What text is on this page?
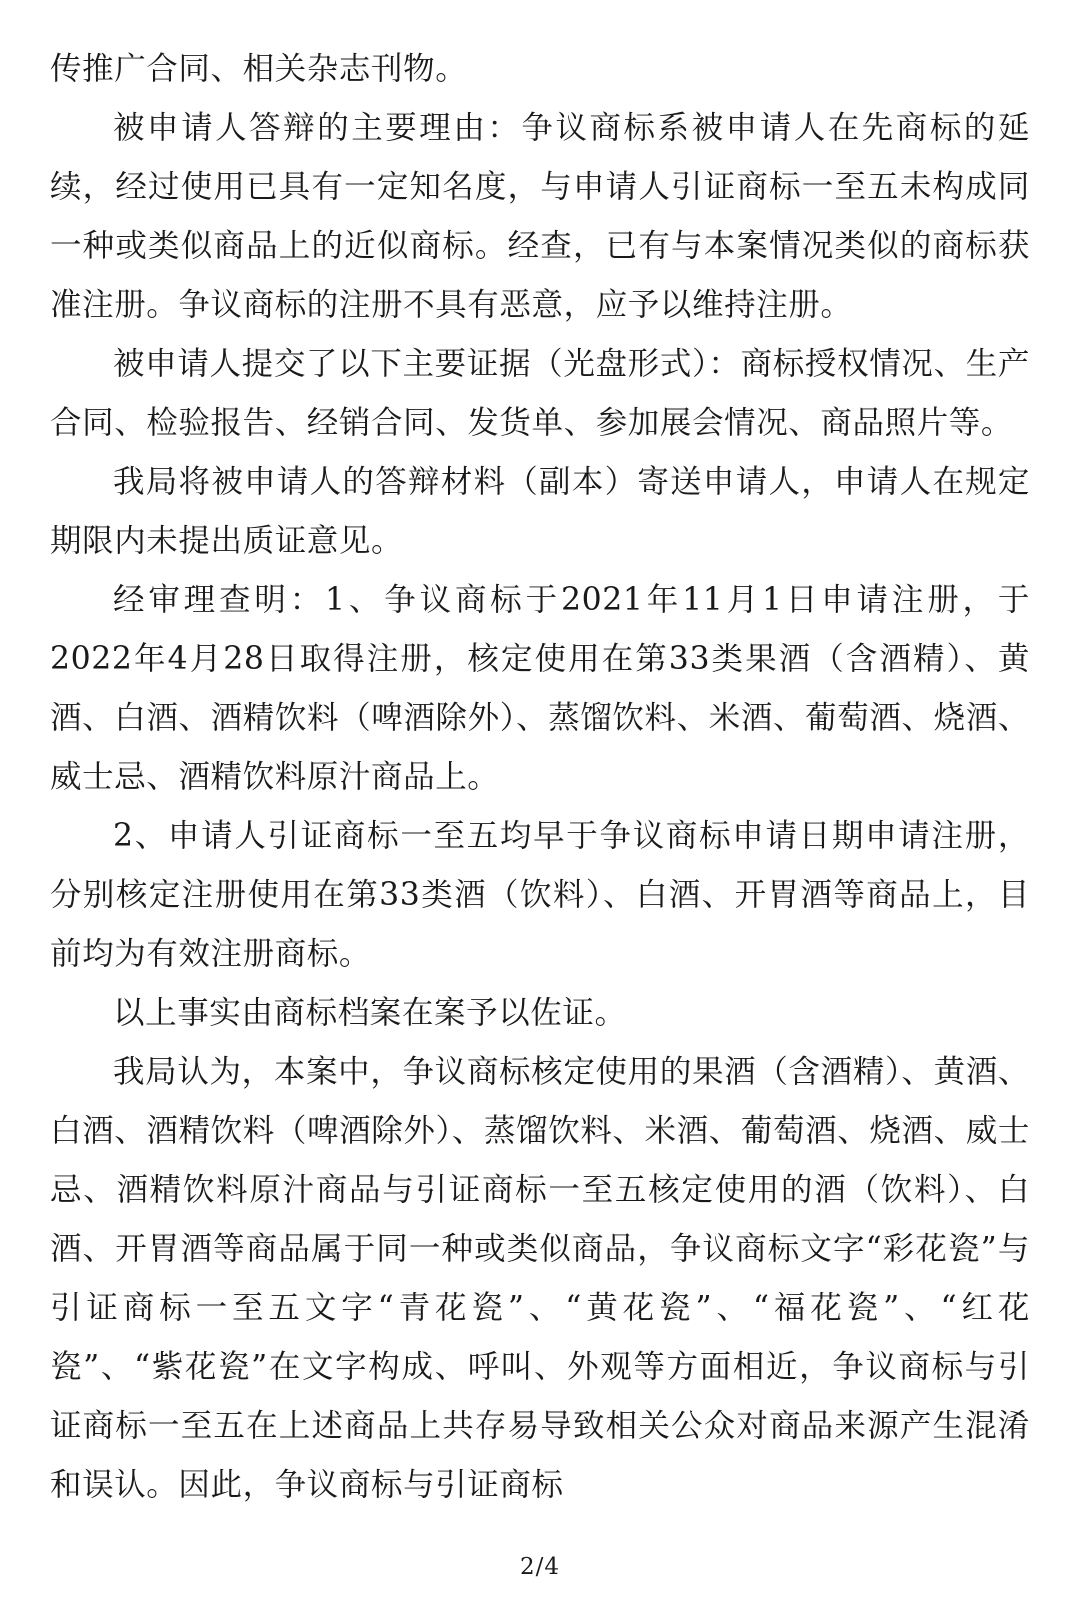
传推广合同、相关杂志刊物。

被申请人答辩的主要理由：争议商标系被申请人在先商标的延续，经过使用已具有一定知名度，与申请人引证商标一至五未构成同一种或类似商品上的近似商标。经查，已有与本案情况类似的商标获准注册。争议商标的注册不具有恶意，应予以维持注册。

被申请人提交了以下主要证据（光盘形式）：商标授权情况、生产合同、检验报告、经销合同、发货单、参加展会情况、商品照片等。

我局将被申请人的答辩材料（副本）寄送申请人，申请人在规定期限内未提出质证意见。

经审理查明：1、争议商标于2021年11月1日申请注册，于2022年4月28日取得注册，核定使用在第33类果酒（含酒精）、黄酒、白酒、酒精饮料（啤酒除外）、蒸馏饮料、米酒、葡萄酒、烧酒、威士忌、酒精饮料原汁商品上。

2、申请人引证商标一至五均早于争议商标申请日期申请注册，分别核定注册使用在第33类酒（饮料）、白酒、开胃酒等商品上，目前均为有效注册商标。

以上事实由商标档案在案予以佐证。

我局认为，本案中，争议商标核定使用的果酒（含酒精）、黄酒、白酒、酒精饮料（啤酒除外）、蒸馏饮料、米酒、葡萄酒、烧酒、威士忌、酒精饮料原汁商品与引证商标一至五核定使用的酒（饮料）、白酒、开胃酒等商品属于同一种或类似商品，争议商标文字“彩花瓷”与引证商标一至五文字“青花瓷”、“黄花瓷”、“福花瓷”、“红花瓷”、“紫花瓷”在文字构成、呼叫、外观等方面相近，争议商标与引证商标一至五在上述商品上共存易导致相关公众对商品来源产生混淆和误认。因此，争议商标与引证商标

2/4
